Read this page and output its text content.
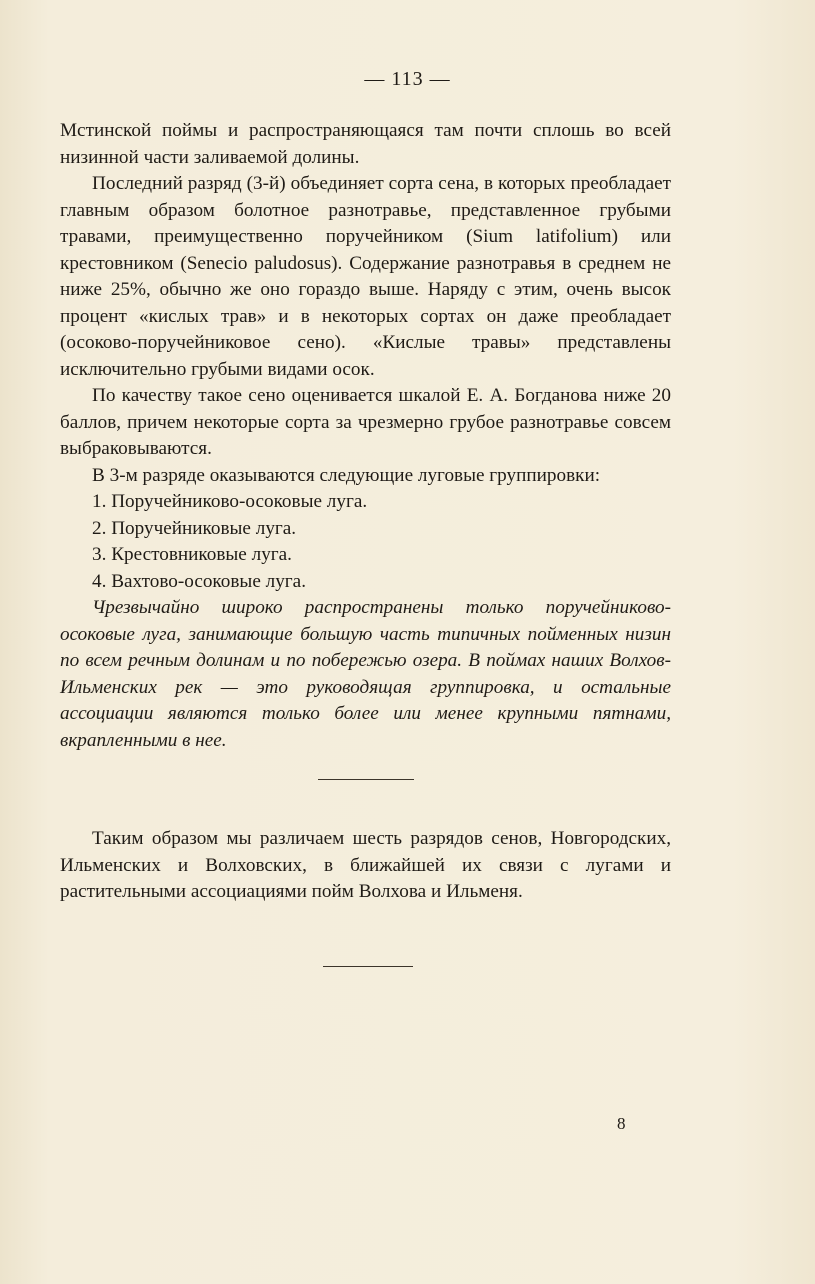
— 113 —

Мстинской поймы и распространяющаяся там почти сплошь во всей низинной части заливаемой долины.

Последний разряд (3-й) объединяет сорта сена, в которых преобладает главным образом болотное разнотравье, представленное грубыми травами, преимущественно поручейником (Sium latifolium) или крестовником (Senecio paludosus). Содержание разнотравья в среднем не ниже 25%, обычно же оно гораздо выше. Наряду с этим, очень высок процент «кислых трав» и в некоторых сортах он даже преобладает (осоково-поручейниковое сено). «Кислые травы» представлены исключительно грубыми видами осок.

По качеству такое сено оценивается шкалой Е. А. Богданова ниже 20 баллов, причем некоторые сорта за чрезмерно грубое разнотравье совсем выбраковываются.

В 3-м разряде оказываются следующие луговые группировки:

1. Поручейниково-осоковые луга.
2. Поручейниковые луга.
3. Крестовниковые луга.
4. Вахтово-осоковые луга.

Чрезвычайно широко распространены только поручейниково-осоковые луга, занимающие большую часть типичных пойменных низин по всем речным долинам и по побережью озера. В поймах наших Волхов-Ильменских рек — это руководящая группировка, и остальные ассоциации являются только более или менее крупными пятнами, вкрапленными в нее.

Таким образом мы различаем шесть разрядов сенов, Новгородских, Ильменских и Волховских, в ближайшей их связи с лугами и растительными ассоциациями пойм Волхова и Ильменя.

8
